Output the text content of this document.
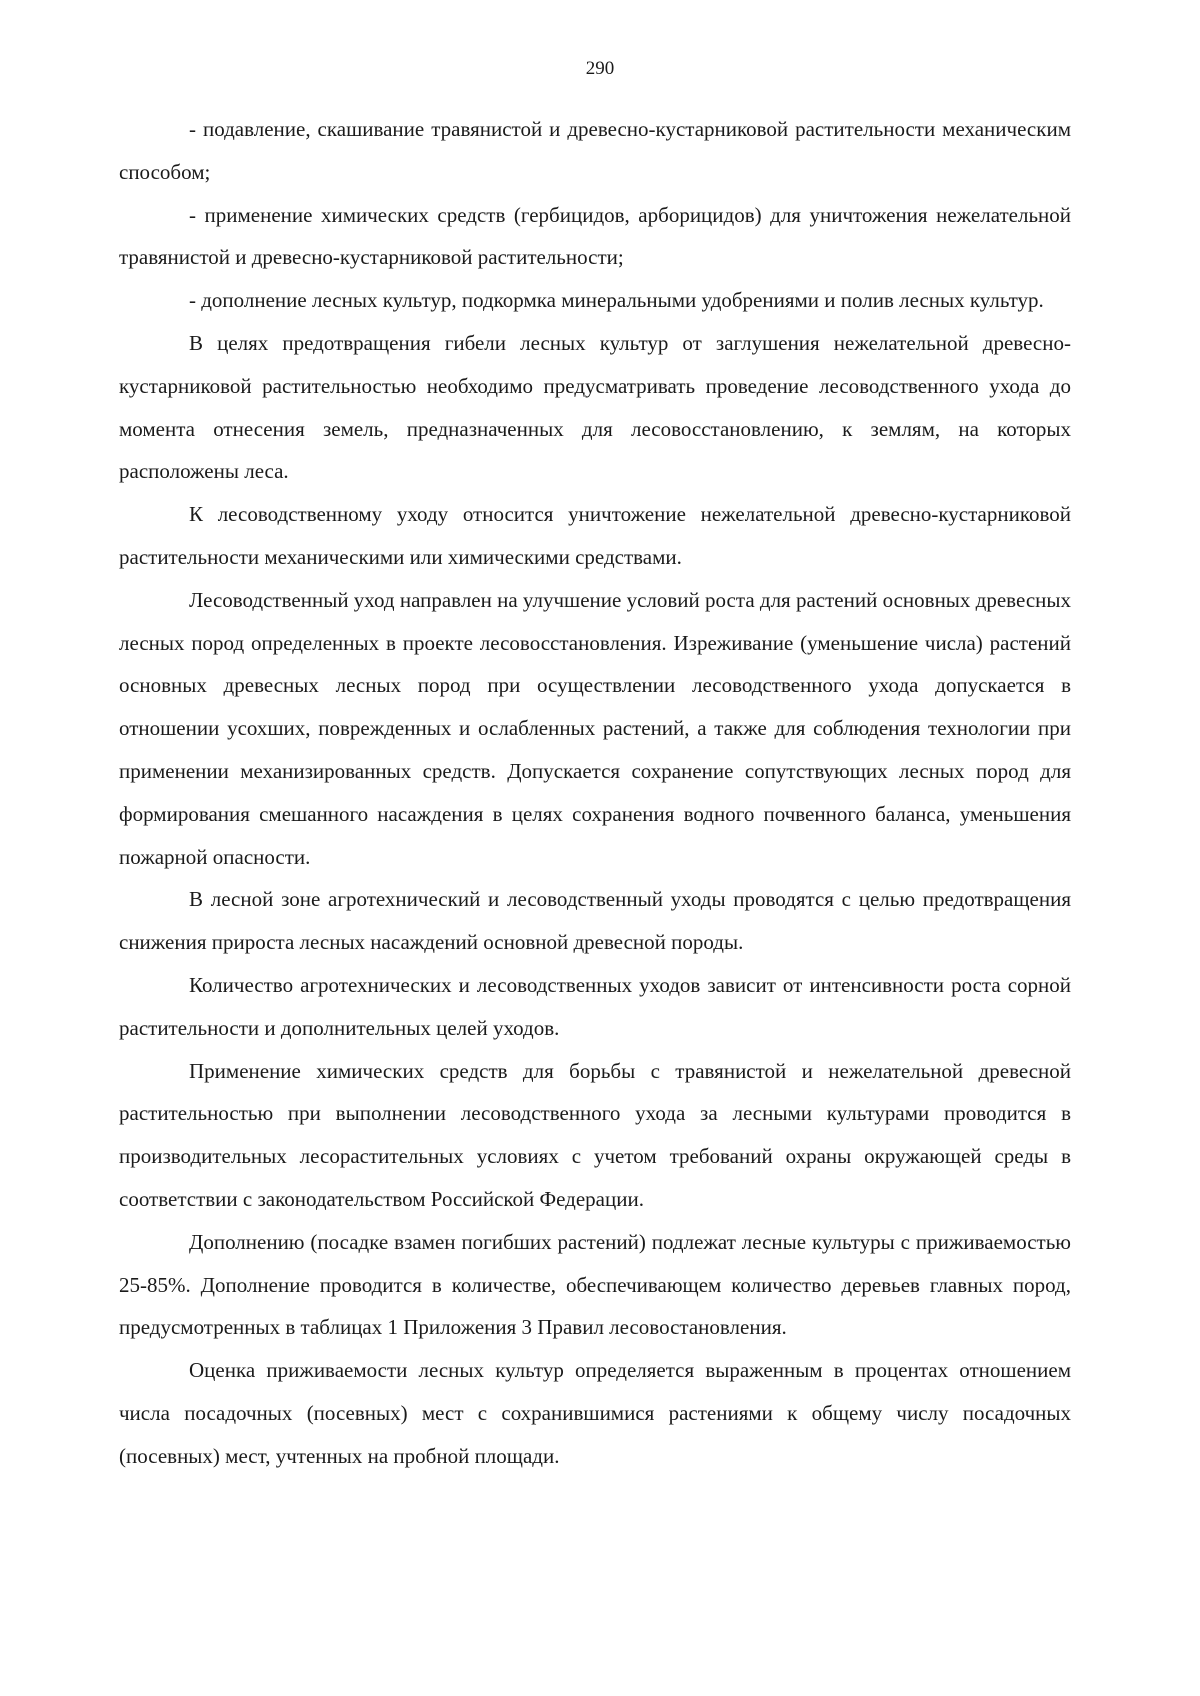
290

- подавление, скашивание травянистой и древесно-кустарниковой растительности механическим способом;

- применение химических средств (гербицидов, арборицидов) для уничтожения нежелательной травянистой и древесно-кустарниковой растительности;

- дополнение лесных культур, подкормка минеральными удобрениями и полив лесных культур.

В целях предотвращения гибели лесных культур от заглушения нежелательной древесно-кустарниковой растительностью необходимо предусматривать проведение лесоводственного ухода до момента отнесения земель, предназначенных для лесовосстановлению, к землям, на которых расположены леса.

К лесоводственному уходу относится уничтожение нежелательной древесно-кустарниковой растительности механическими или химическими средствами.

Лесоводственный уход направлен на улучшение условий роста для растений основных древесных лесных пород определенных в проекте лесовосстановления. Изреживание (уменьшение числа) растений основных древесных лесных пород при осуществлении лесоводственного ухода допускается в отношении усохших, поврежденных и ослабленных растений, а также для соблюдения технологии при применении механизированных средств. Допускается сохранение сопутствующих лесных пород для формирования смешанного насаждения в целях сохранения водного почвенного баланса, уменьшения пожарной опасности.

В лесной зоне агротехнический и лесоводственный уходы проводятся с целью предотвращения снижения прироста лесных насаждений основной древесной породы.

Количество агротехнических и лесоводственных уходов зависит от интенсивности роста сорной растительности и дополнительных целей уходов.

Применение химических средств для борьбы с травянистой и нежелательной древесной растительностью при выполнении лесоводственного ухода за лесными культурами проводится в производительных лесорастительных условиях с учетом требований охраны окружающей среды в соответствии с законодательством Российской Федерации.

Дополнению (посадке взамен погибших растений) подлежат лесные культуры с приживаемостью 25-85%. Дополнение проводится в количестве, обеспечивающем количество деревьев главных пород, предусмотренных в таблицах 1 Приложения 3 Правил лесовостановления.

Оценка приживаемости лесных культур определяется выраженным в процентах отношением числа посадочных (посевных) мест с сохранившимися растениями к общему числу посадочных (посевных) мест, учтенных на пробной площади.
